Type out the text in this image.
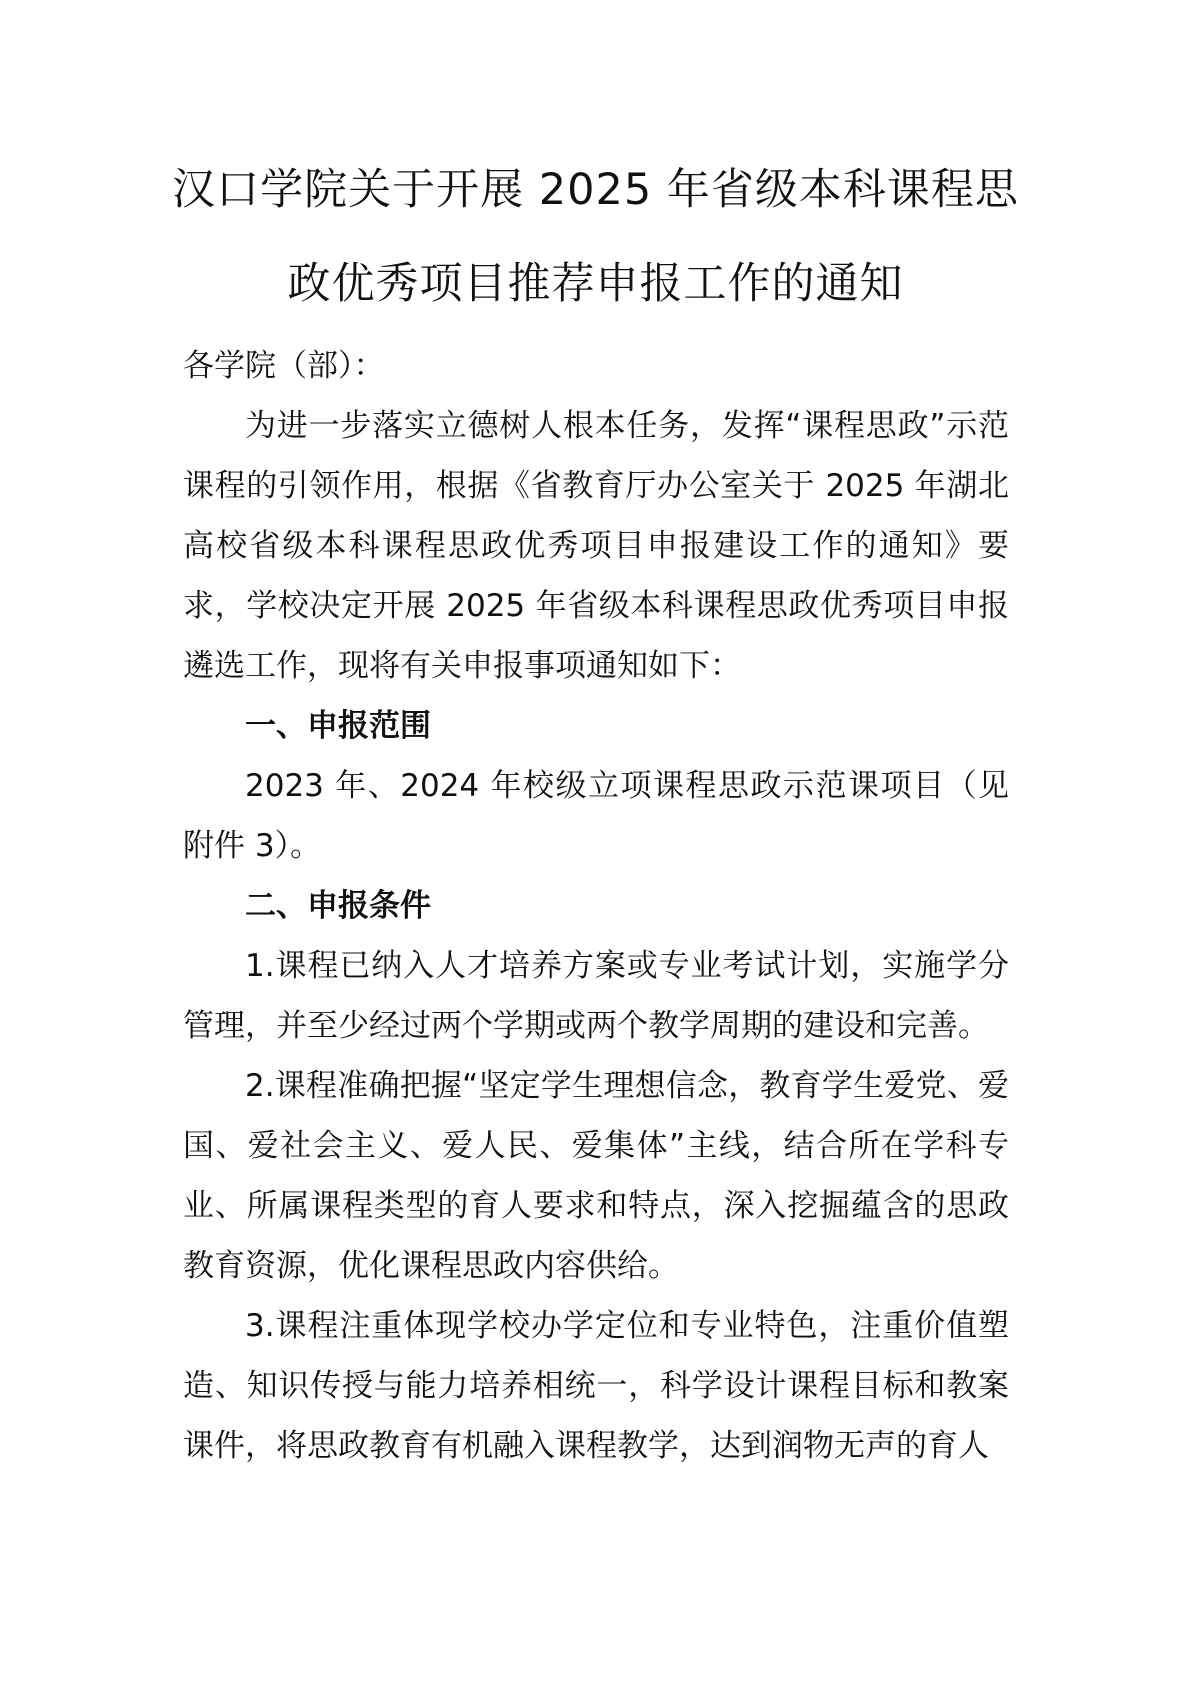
汉口学院关于开展 2025 年省级本科课程思
政优秀项目推荐申报工作的通知
各学院（部）：

为进一步落实立德树人根本任务，发挥“课程思政”示范课程的引领作用，根据《省教育厅办公室关于 2025 年湖北高校省级本科课程思政优秀项目申报建设工作的通知》要求，学校决定开展 2025 年省级本科课程思政优秀项目申报遴选工作，现将有关申报事项通知如下：

一、申报范围

2023 年、2024 年校级立项课程思政示范课项目（见附件 3）。

二、申报条件

1.课程已纳入人才培养方案或专业考试计划，实施学分管理，并至少经过两个学期或两个教学周期的建设和完善。

2.课程准确把握“坚定学生理想信念，教育学生爱党、爱国、爱社会主义、爱人民、爱集体”主线，结合所在学科专业、所属课程类型的育人要求和特点，深入挖掘蕴含的思政教育资源，优化课程思政内容供给。

3.课程注重体现学校办学定位和专业特色，注重价值塑造、知识传授与能力培养相统一，科学设计课程目标和教案课件，将思政教育有机融入课程教学，达到润物无声的育人
